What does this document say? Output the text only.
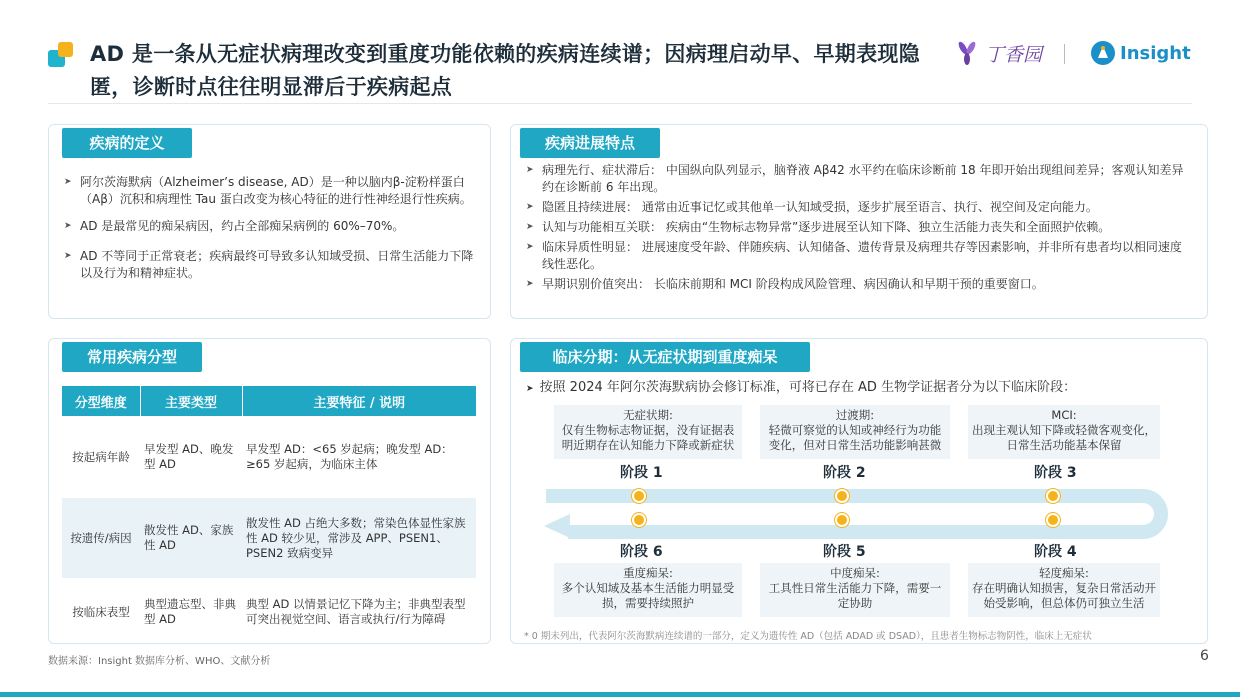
AD 是一条从无症状病理改变到重度功能依赖的疾病连续谱；因病理启动早、早期表现隐匿，诊断时点往往明显滞后于疾病起点
丁香园	Insight
疾病的定义
➤ 阿尔茨海默病（Alzheimer’s disease, AD）是一种以脑内β-淀粉样蛋白（Aβ）沉积和病理性 Tau 蛋白改变为核心特征的进行性神经退行性疾病。
➤ AD 是最常见的痴呆病因，约占全部痴呆病例的 60%–70%。
➤ AD 不等同于正常衰老；疾病最终可导致多认知域受损、日常生活能力下降以及行为和精神症状。
疾病进展特点
➤ 病理先行、症状滞后： 中国纵向队列显示，脑脊液 Aβ42 水平约在临床诊断前 18 年即开始出现组间差异；客观认知差异约在诊断前 6 年出现。
➤ 隐匿且持续进展： 通常由近事记忆或其他单一认知域受损，逐步扩展至语言、执行、视空间及定向能力。
➤ 认知与功能相互关联： 疾病由“生物标志物异常”逐步进展至认知下降、独立生活能力丧失和全面照护依赖。
➤ 临床异质性明显： 进展速度受年龄、伴随疾病、认知储备、遗传背景及病理共存等因素影响，并非所有患者均以相同速度线性恶化。
➤ 早期识别价值突出： 长临床前期和 MCI 阶段构成风险管理、病因确认和早期干预的重要窗口。
常用疾病分型
分型维度	主要类型	主要特征 / 说明
按起病年龄	早发型 AD、晚发型 AD	早发型 AD：<65 岁起病；晚发型 AD：≥65 岁起病，为临床主体
按遗传/病因	散发性 AD、家族性 AD	散发性 AD 占绝大多数；常染色体显性家族性 AD 较少见，常涉及 APP、PSEN1、PSEN2 致病变异
按临床表型	典型遗忘型、非典型 AD	典型 AD 以情景记忆下降为主；非典型表型可突出视觉空间、语言或执行/行为障碍
临床分期：从无症状期到重度痴呆
➤ 按照 2024 年阿尔茨海默病协会修订标准，可将已存在 AD 生物学证据者分为以下临床阶段：
无症状期:
仅有生物标志物证据，没有证据表明近期存在认知能力下降或新症状
过渡期:
轻微可察觉的认知或神经行为功能变化，但对日常生活功能影响甚微
MCI:
出现主观认知下降或轻微客观变化，日常生活功能基本保留
阶段 1	阶段 2	阶段 3
阶段 6	阶段 5	阶段 4
重度痴呆:
多个认知域及基本生活能力明显受损，需要持续照护
中度痴呆:
工具性日常生活能力下降，需要一定协助
轻度痴呆:
存在明确认知损害，复杂日常活动开始受影响，但总体仍可独立生活
* 0 期未列出，代表阿尔茨海默病连续谱的一部分，定义为遗传性 AD（包括 ADAD 或 DSAD），且患者生物标志物阴性，临床上无症状
数据来源：Insight 数据库分析、WHO、文献分析	6
